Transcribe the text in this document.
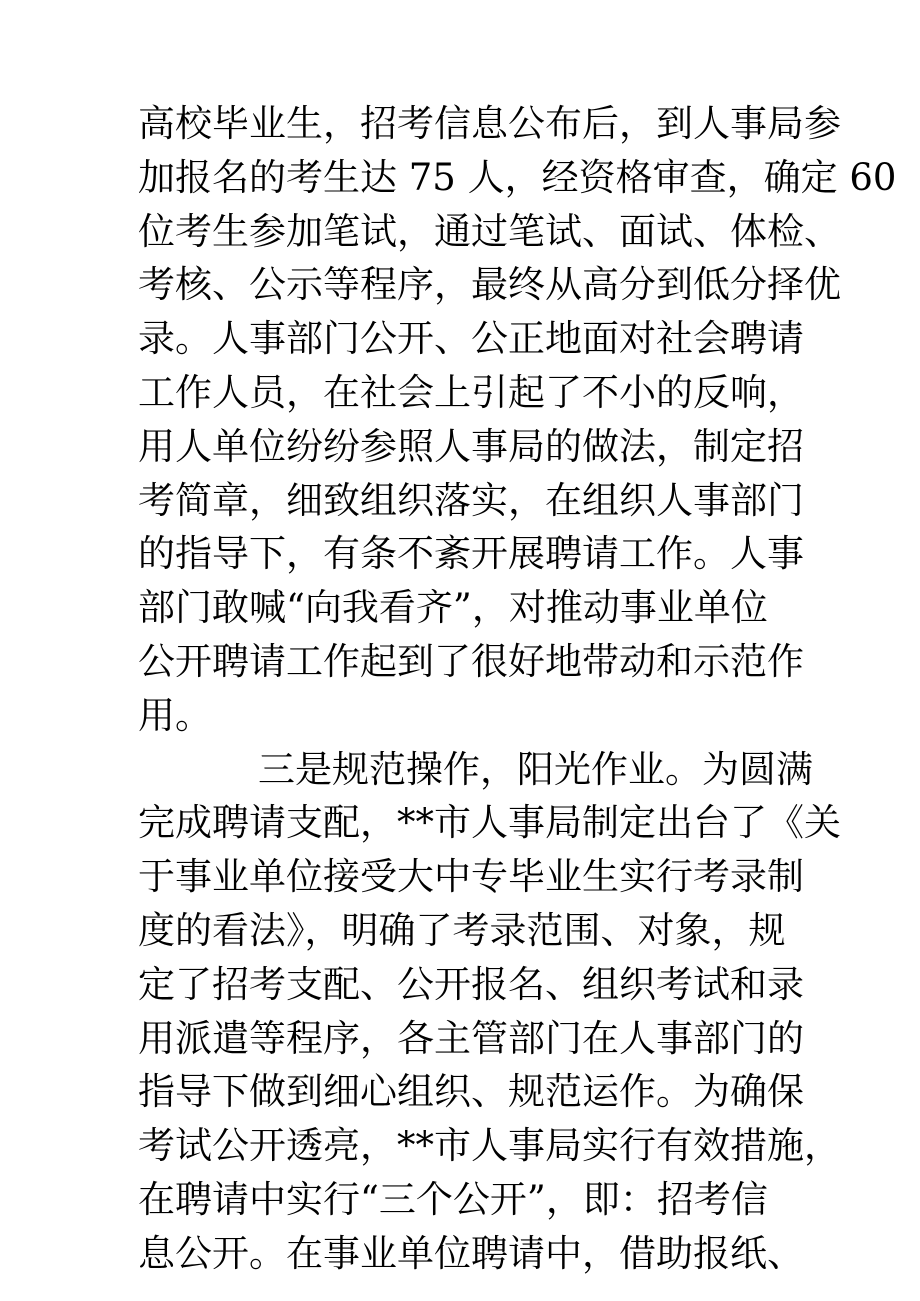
高校毕业生，招考信息公布后，到人事局参
加报名的考生达 75 人，经资格审查，确定 60
位考生参加笔试，通过笔试、面试、体检、
考核、公示等程序，最终从高分到低分择优
录。人事部门公开、公正地面对社会聘请
工作人员，在社会上引起了不小的反响，
用人单位纷纷参照人事局的做法，制定招
考简章，细致组织落实，在组织人事部门
的指导下，有条不紊开展聘请工作。人事
部门敢喊“向我看齐”，对推动事业单位
公开聘请工作起到了很好地带动和示范作
用。
三是规范操作，阳光作业。为圆满
完成聘请支配，**市人事局制定出台了《关
于事业单位接受大中专毕业生实行考录制
度的看法》，明确了考录范围、对象，规
定了招考支配、公开报名、组织考试和录
用派遣等程序，各主管部门在人事部门的
指导下做到细心组织、规范运作。为确保
考试公开透亮，**市人事局实行有效措施，
在聘请中实行“三个公开”，即：招考信
息公开。在事业单位聘请中，借助报纸、
